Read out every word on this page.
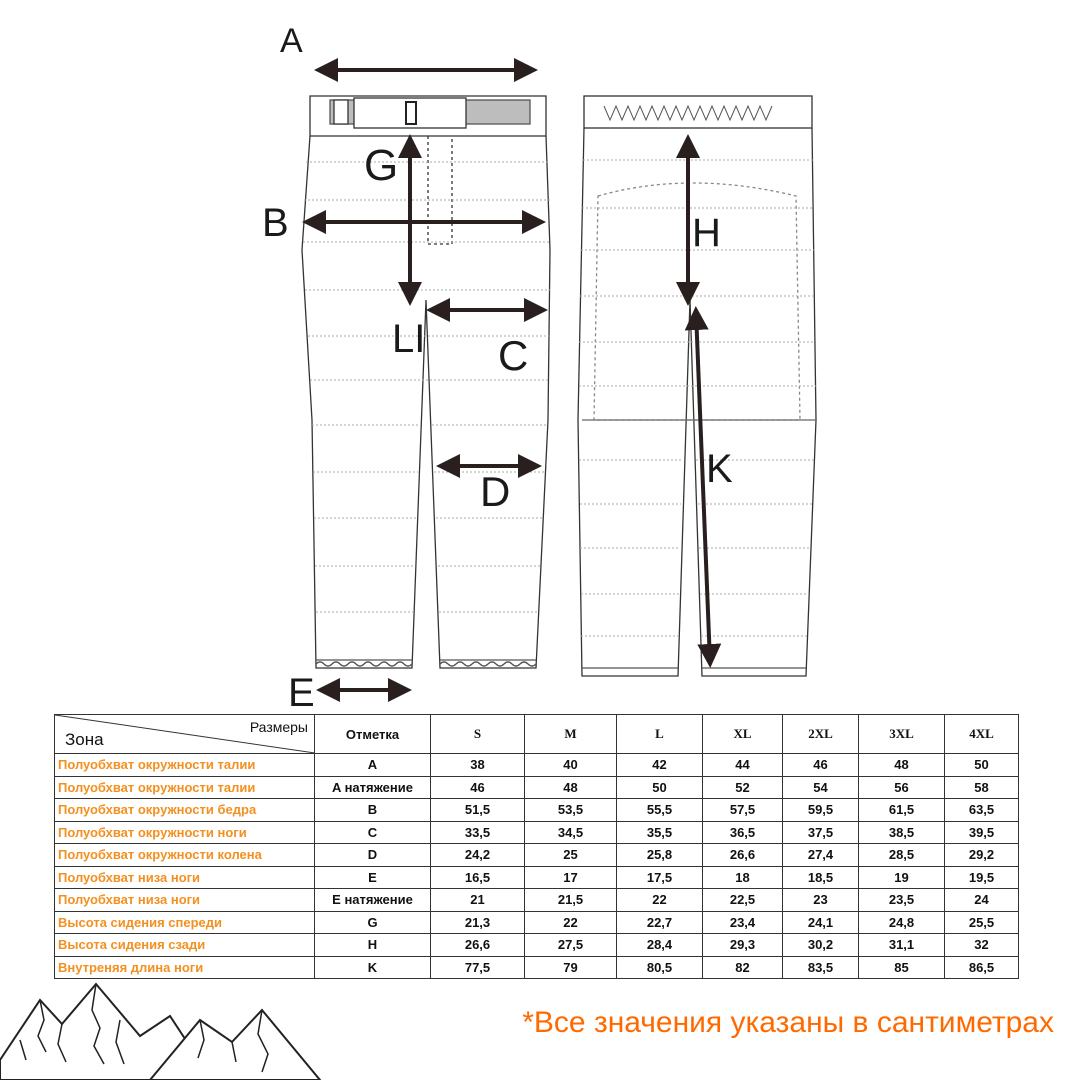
A
B
G
LI C
D
E
H
K
Размеры
Зона	Отметка	S	M	L	XL	2XL	3XL	4XL
Полуобхват окружности талии	A	38	40	42	44	46	48	50
Полуобхват окружности талии	A натяжение	46	48	50	52	54	56	58
Полуобхват окружности бедра	B	51,5	53,5	55,5	57,5	59,5	61,5	63,5
Полуобхват окружности ноги	C	33,5	34,5	35,5	36,5	37,5	38,5	39,5
Полуобхват окружности колена	D	24,2	25	25,8	26,6	27,4	28,5	29,2
Полуобхват низа ноги	E	16,5	17	17,5	18	18,5	19	19,5
Полуобхват низа ноги	E натяжение	21	21,5	22	22,5	23	23,5	24
Высота сидения спереди	G	21,3	22	22,7	23,4	24,1	24,8	25,5
Высота сидения сзади	H	26,6	27,5	28,4	29,3	30,2	31,1	32
Внутреняя длина ноги	K	77,5	79	80,5	82	83,5	85	86,5
*Все значения указаны в сантиметрах
